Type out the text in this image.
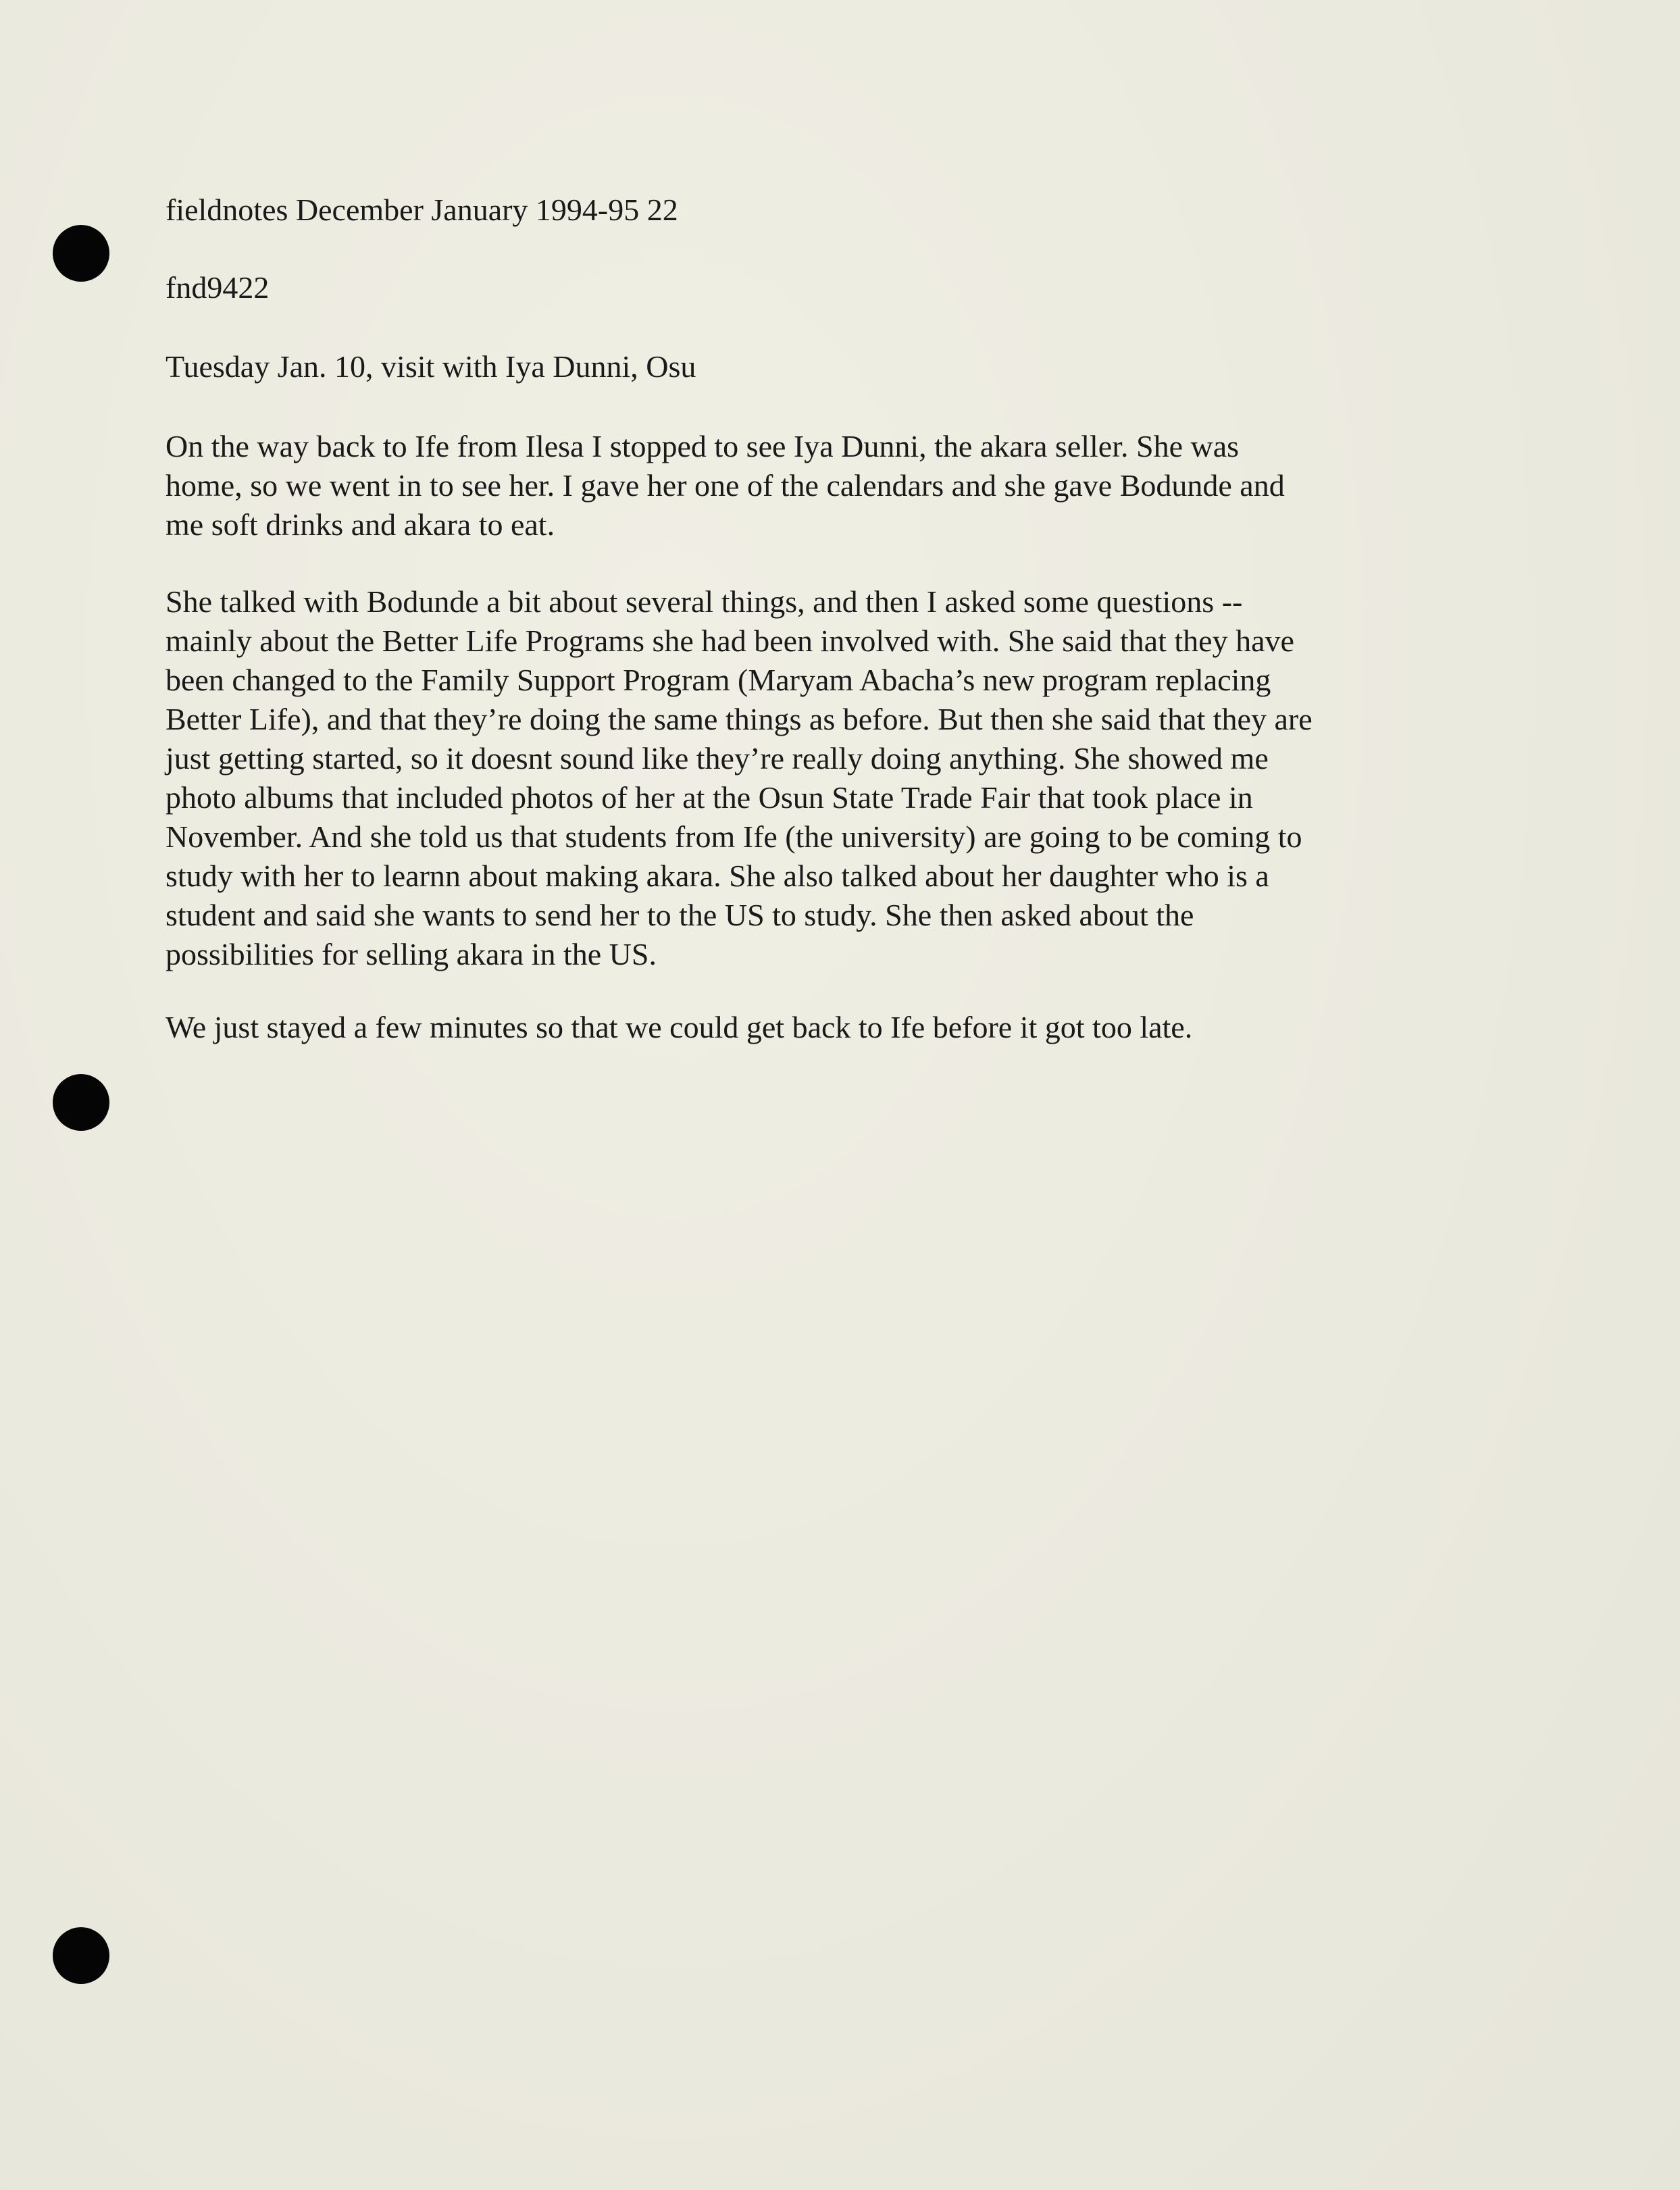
fieldnotes December January 1994-95 22
fnd9422
Tuesday Jan. 10, visit with Iya Dunni, Osu
On the way back to Ife from Ilesa I stopped to see Iya Dunni, the akara seller. She was
home, so we went in to see her. I gave her one of the calendars and she gave Bodunde and
me soft drinks and akara to eat.
She talked with Bodunde a bit about several things, and then I asked some questions --
mainly about the Better Life Programs she had been involved with. She said that they have
been changed to the Family Support Program (Maryam Abacha’s new program replacing
Better Life), and that they’re doing the same things as before. But then she said that they are
just getting started, so it doesnt sound like they’re really doing anything. She showed me
photo albums that included photos of her at the Osun State Trade Fair that took place in
November. And she told us that students from Ife (the university) are going to be coming to
study with her to learnn about making akara. She also talked about her daughter who is a
student and said she wants to send her to the US to study. She then asked about the
possibilities for selling akara in the US.
We just stayed a few minutes so that we could get back to Ife before it got too late.
